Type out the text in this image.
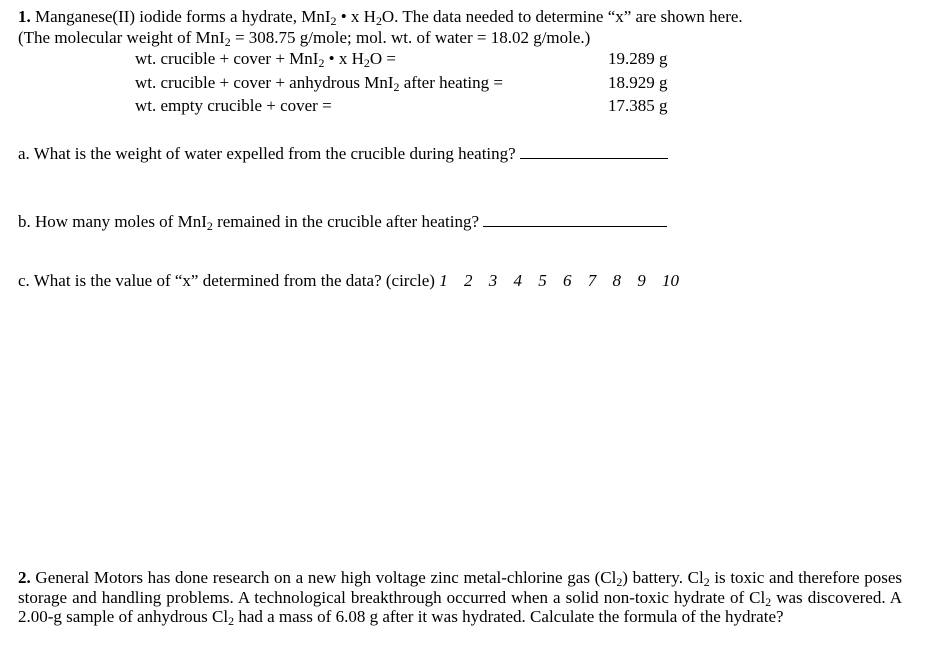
1. Manganese(II) iodide forms a hydrate, MnI$_2$ • x $H_2O$. The data needed to determine “x” are shown here.
(The molecular weight of MnI$_2$ = 308.75 g/mole; mol. wt. of water = 18.02 g/mole.)
wt. crucible + cover + MnI$_2$ • x $H_2O$ =	19.289 g
wt. crucible + cover + anhydrous MnI$_2$ after heating =	18.929 g
wt. empty crucible + cover =	17.385 g
a. What is the weight of water expelled from the crucible during heating?
b. How many moles of MnI$_2$ remained in the crucible after heating?
c. What is the value of “x” determined from the data? (circle) 1 2 3 4 5 6 7 8 9 10
2. General Motors has done research on a new high voltage zinc metal-chlorine gas $(Cl_2)$ battery. $Cl_2$ is toxic and therefore poses storage and handling problems. A technological breakthrough occurred when a solid non-toxic hydrate of $Cl_2$ was discovered. A 2.00-g sample of anhydrous $Cl_2$ had a mass of 6.08 g after it was hydrated. Calculate the formula of the hydrate?
